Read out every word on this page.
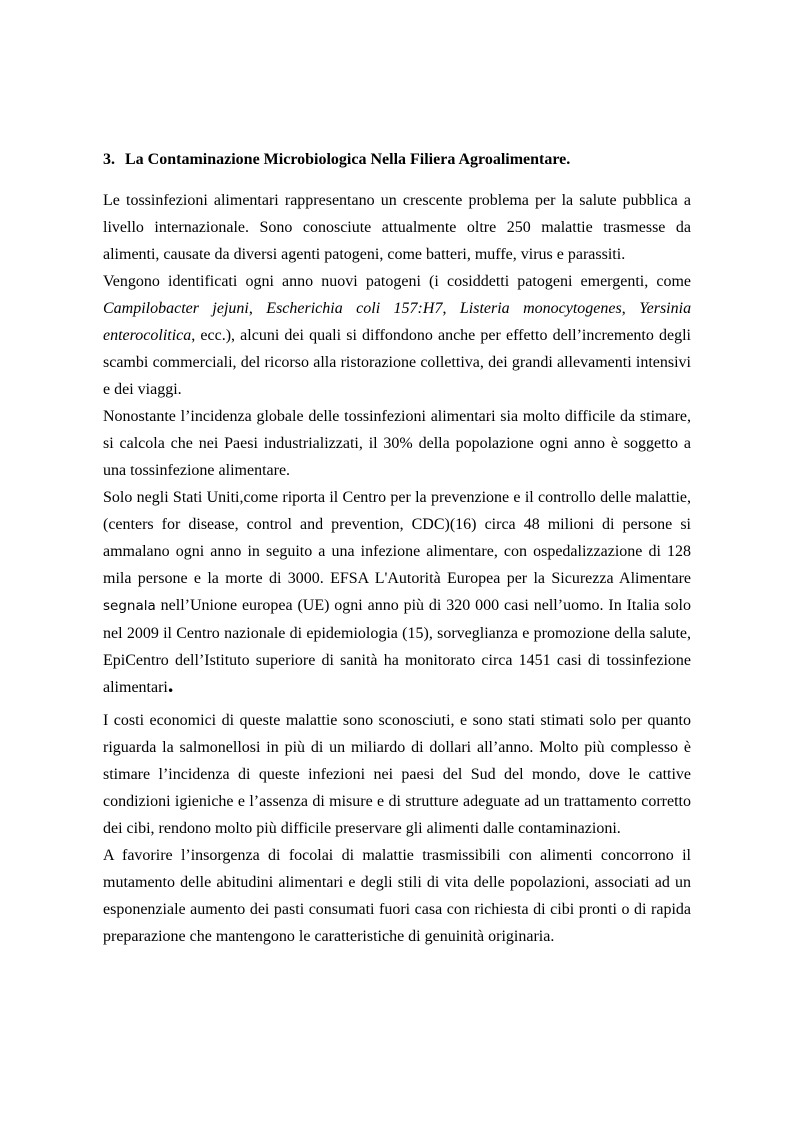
3. La Contaminazione Microbiologica Nella Filiera Agroalimentare.

Le tossinfezioni alimentari rappresentano un crescente problema per la salute pubblica a livello internazionale. Sono conosciute attualmente oltre 250 malattie trasmesse da alimenti, causate da diversi agenti patogeni, come batteri, muffe, virus e parassiti.

Vengono identificati ogni anno nuovi patogeni (i cosiddetti patogeni emergenti, come Campilobacter jejuni, Escherichia coli 157:H7, Listeria monocytogenes, Yersinia enterocolitica, ecc.), alcuni dei quali si diffondono anche per effetto dell’incremento degli scambi commerciali, del ricorso alla ristorazione collettiva, dei grandi allevamenti intensivi e dei viaggi.

Nonostante l’incidenza globale delle tossinfezioni alimentari sia molto difficile da stimare, si calcola che nei Paesi industrializzati, il 30% della popolazione ogni anno è soggetto a una tossinfezione alimentare.

Solo negli Stati Uniti,come riporta il Centro per la prevenzione e il controllo delle malattie, (centers for disease, control and prevention, CDC)(16) circa 48 milioni di persone si ammalano ogni anno in seguito a una infezione alimentare, con ospedalizzazione di 128 mila persone e la morte di 3000. EFSA L'Autorità Europea per la Sicurezza Alimentare segnala nell’Unione europea (UE) ogni anno più di 320 000 casi nell’uomo. In Italia solo nel 2009 il Centro nazionale di epidemiologia (15), sorveglianza e promozione della salute, EpiCentro dell’Istituto superiore di sanità ha monitorato circa 1451 casi di tossinfezione alimentari.

I costi economici di queste malattie sono sconosciuti, e sono stati stimati solo per quanto riguarda la salmonellosi in più di un miliardo di dollari all’anno. Molto più complesso è stimare l’incidenza di queste infezioni nei paesi del Sud del mondo, dove le cattive condizioni igieniche e l’assenza di misure e di strutture adeguate ad un trattamento corretto dei cibi, rendono molto più difficile preservare gli alimenti dalle contaminazioni.

A favorire l’insorgenza di focolai di malattie trasmissibili con alimenti concorrono il mutamento delle abitudini alimentari e degli stili di vita delle popolazioni, associati ad un esponenziale aumento dei pasti consumati fuori casa con richiesta di cibi pronti o di rapida preparazione che mantengono le caratteristiche di genuinità originaria.
